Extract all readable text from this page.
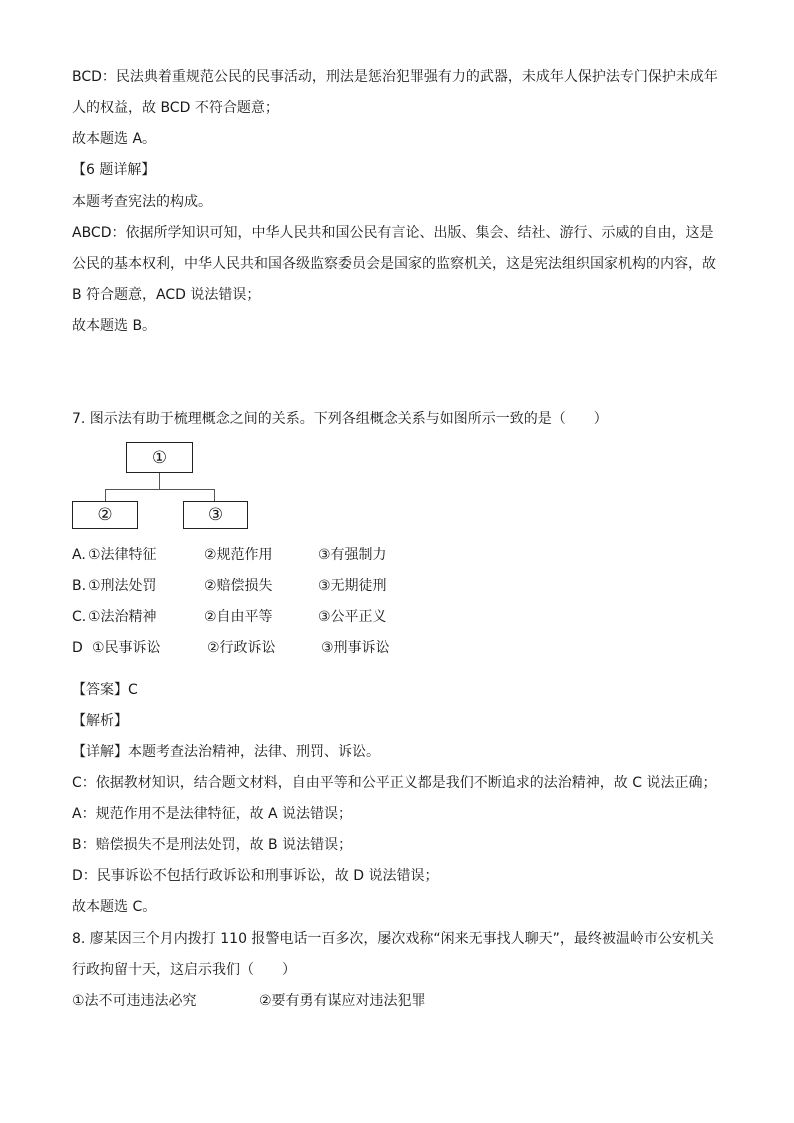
BCD：民法典着重规范公民的民事活动，刑法是惩治犯罪强有力的武器，未成年人保护法专门保护未成年
人的权益，故 BCD 不符合题意；
故本题选 A。
【6 题详解】
本题考查宪法的构成。
ABCD：依据所学知识可知，中华人民共和国公民有言论、出版、集会、结社、游行、示威的自由，这是
公民的基本权利，中华人民共和国各级监察委员会是国家的监察机关，这是宪法组织国家机构的内容，故
B 符合题意，ACD 说法错误；
故本题选 B。
7. 图示法有助于梳理概念之间的关系。下列各组概念关系与如图所示一致的是（　　）
①
②	③
A. ①法律特征	②规范作用	③有强制力
B. ①刑法处罚	②赔偿损失	③无期徒刑
C. ①法治精神	②自由平等	③公平正义
D　
①民事诉讼	②行政诉讼	③刑事诉讼
【答案】C
【解析】
【详解】本题考查法治精神，法律、刑罚、诉讼。
C：依据教材知识，结合题文材料，自由平等和公平正义都是我们不断追求的法治精神，故 C 说法正确；
A：规范作用不是法律特征，故 A 说法错误；
B：赔偿损失不是刑法处罚，故 B 说法错误；
D：民事诉讼不包括行政诉讼和刑事诉讼，故 D 说法错误；
故本题选 C。
8. 廖某因三个月内拨打 110 报警电话一百多次，屡次戏称“闲来无事找人聊天”，最终被温岭市公安机关
行政拘留十天，这启示我们（　　）
①法不可违违法必究	②要有勇有谋应对违法犯罪
